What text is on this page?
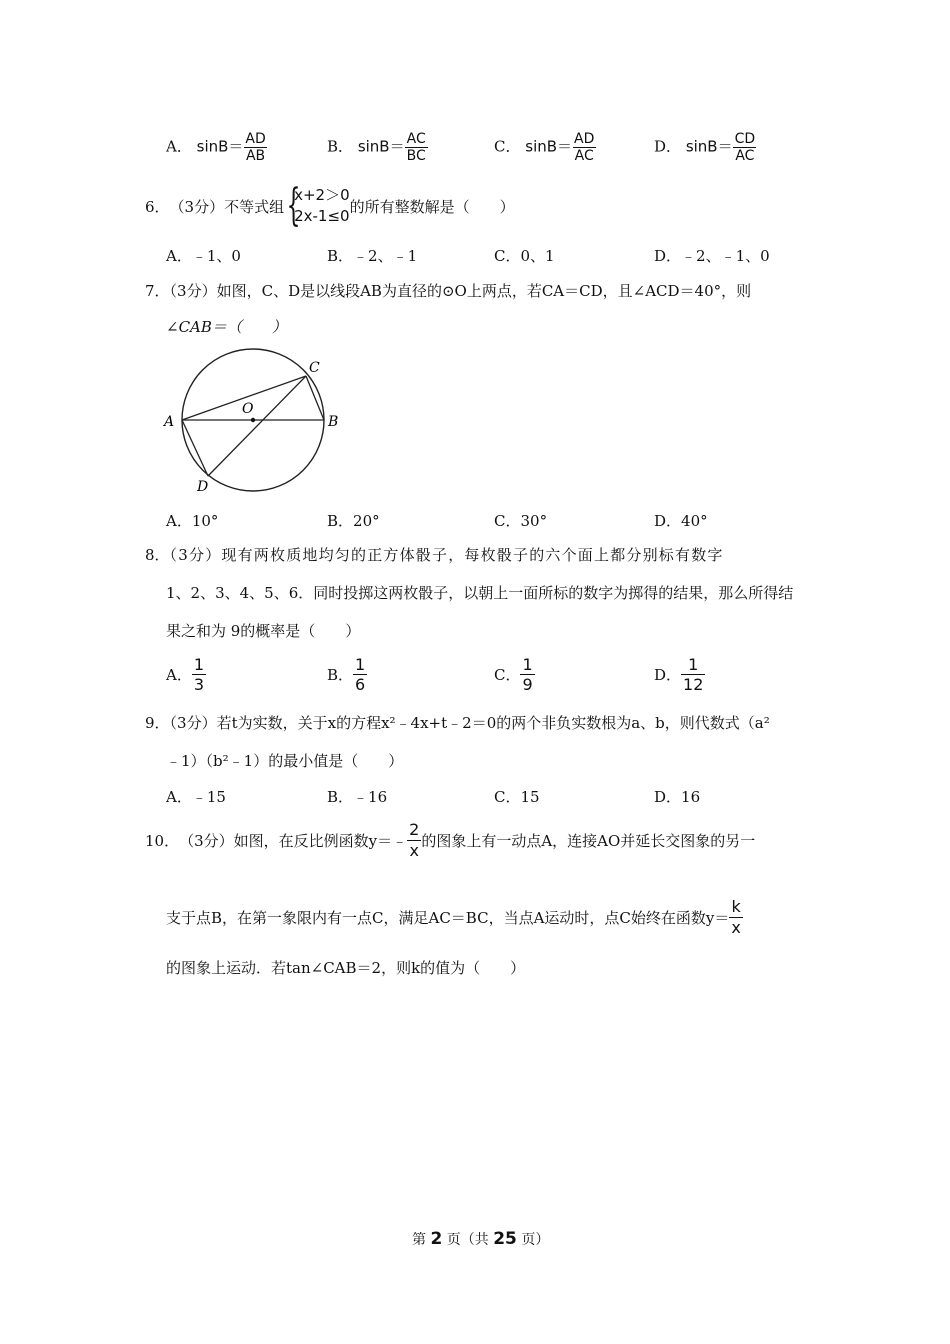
A． $\sin B= \frac{AD}{AB}$	B． $\sin B= \frac{AC}{BC}$	C． $\sin B= \frac{AD}{AC}$	D． $\sin B= \frac{CD}{AC}$
6． （3分）不等式组 {
x+2＞0
2x-1≤0
的所有整数解是（　　）
A．﹣1、0	B．﹣2、﹣1	C．0、1	D．﹣2、﹣1、0
7．（3分）如图，C、D是以线段AB为直径的⊙O上两点，若CA＝CD，且∠ACD＝40°，则
∠CAB＝（　　）
A	B
C
D
O
A．10°	B．20°	C．30°	D．40°
8．（3分）现有两枚质地均匀的正方体骰子，每枚骰子的六个面上都分别标有数字
1、2、3、4、5、6．同时投掷这两枚骰子，以朝上一面所标的数字为掷得的结果，那么所得结
果之和为 9的概率是（　　）
A． $\frac{1}{3}$	B． $\frac{1}{6}$	C． $\frac{1}{9}$	D． $\frac{1}{12}$
9．（3分）若t为实数，关于x的方程x²﹣4x+t﹣2＝0的两个非负实数根为a、b，则代数式（a²
﹣1）（b²﹣1）的最小值是（　　）
A．﹣15	B．﹣16	C．15	D．16
10． （3分）如图，在反比例函数y＝﹣ $\frac{2}{x}$ 的图象上有一动点A，连接AO并延长交图象的另一
支于点B，在第一象限内有一点C，满足AC＝BC，当点A运动时，点C始终在函数$y= \frac{k}{x}$
的图象上运动．若tan∠CAB＝2，则k的值为（　　）
第 2 页（共 25 页）
